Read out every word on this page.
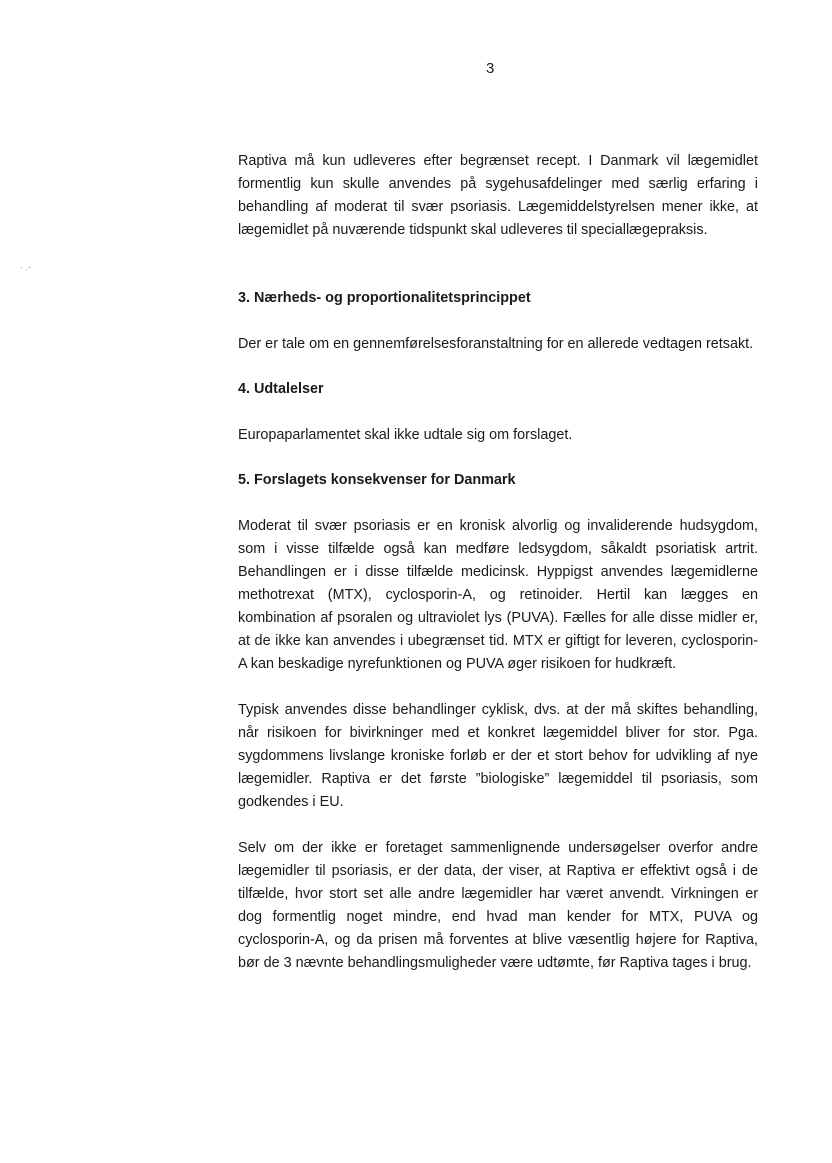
3
· .-

Raptiva må kun udleveres efter begrænset recept. I Danmark vil lægemidlet formentlig kun skulle anvendes på sygehusafdelinger med særlig erfaring i behandling af moderat til svær psoriasis. Lægemiddelstyrelsen mener ikke, at lægemidlet på nuværende tidspunkt skal udleveres til speciallægepraksis.

3. Nærheds- og proportionalitetsprincippet

Der er tale om en gennemførelsesforanstaltning for en allerede vedtagen retsakt.

4. Udtalelser

Europaparlamentet skal ikke udtale sig om forslaget.

5. Forslagets konsekvenser for Danmark

Moderat til svær psoriasis er en kronisk alvorlig og invaliderende hudsygdom, som i visse tilfælde også kan medføre ledsygdom, såkaldt psoriatisk artrit. Behandlingen er i disse tilfælde medicinsk. Hyppigst anvendes lægemidlerne methotrexat (MTX), cyclosporin-A, og retinoider. Hertil kan lægges en kombination af psoralen og ultraviolet lys (PUVA). Fælles for alle disse midler er, at de ikke kan anvendes i ubegrænset tid. MTX er giftigt for leveren, cyclosporin-A kan beskadige nyrefunktionen og PUVA øger risikoen for hudkræft.

Typisk anvendes disse behandlinger cyklisk, dvs. at der må skiftes behandling, når risikoen for bivirkninger med et konkret lægemiddel bliver for stor. Pga. sygdommens livslange kroniske forløb er der et stort behov for udvikling af nye lægemidler. Raptiva er det første ”biologiske” lægemiddel til psoriasis, som godkendes i EU.

Selv om der ikke er foretaget sammenlignende undersøgelser overfor andre lægemidler til psoriasis, er der data, der viser, at Raptiva er effektivt også i de tilfælde, hvor stort set alle andre lægemidler har været anvendt. Virkningen er dog formentlig noget mindre, end hvad man kender for MTX, PUVA og cyclosporin-A, og da prisen må forventes at blive væsentlig højere for Raptiva, bør de 3 nævnte behandlingsmuligheder være udtømte, før Raptiva tages i brug.
